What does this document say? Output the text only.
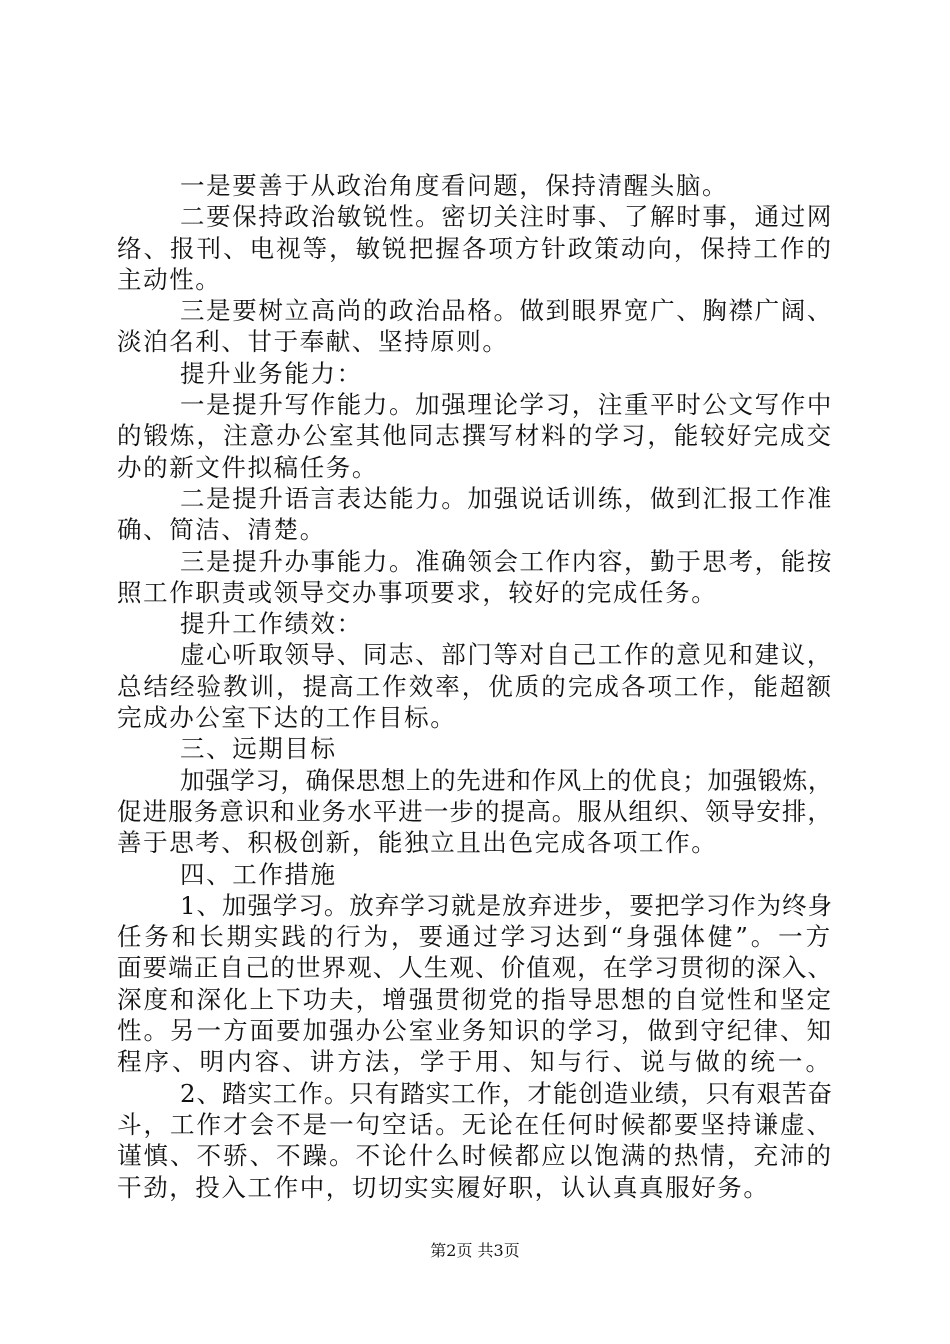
一是要善于从政治角度看问题，保持清醒头脑。
二要保持政治敏锐性。密切关注时事、了解时事，通过网
络、报刊、电视等，敏锐把握各项方针政策动向，保持工作的
主动性。
三是要树立高尚的政治品格。做到眼界宽广、胸襟广阔、
淡泊名利、甘于奉献、坚持原则。
提升业务能力：
一是提升写作能力。加强理论学习，注重平时公文写作中
的锻炼，注意办公室其他同志撰写材料的学习，能较好完成交
办的新文件拟稿任务。
二是提升语言表达能力。加强说话训练，做到汇报工作准
确、简洁、清楚。
三是提升办事能力。准确领会工作内容，勤于思考，能按
照工作职责或领导交办事项要求，较好的完成任务。
提升工作绩效：
虚心听取领导、同志、部门等对自己工作的意见和建议，
总结经验教训，提高工作效率，优质的完成各项工作，能超额
完成办公室下达的工作目标。
三、远期目标
加强学习，确保思想上的先进和作风上的优良；加强锻炼，
促进服务意识和业务水平进一步的提高。服从组织、领导安排，
善于思考、积极创新，能独立且出色完成各项工作。
四、工作措施
1、加强学习。放弃学习就是放弃进步，要把学习作为终身
任务和长期实践的行为，要通过学习达到“身强体健”。一方
面要端正自己的世界观、人生观、价值观，在学习贯彻的深入、
深度和深化上下功夫，增强贯彻党的指导思想的自觉性和坚定
性。另一方面要加强办公室业务知识的学习，做到守纪律、知
程序、明内容、讲方法，学于用、知与行、说与做的统一。
2、踏实工作。只有踏实工作，才能创造业绩，只有艰苦奋
斗，工作才会不是一句空话。无论在任何时候都要坚持谦虚、
谨慎、不骄、不躁。不论什么时候都应以饱满的热情，充沛的
干劲，投入工作中，切切实实履好职，认认真真服好务。
第2页 共3页
